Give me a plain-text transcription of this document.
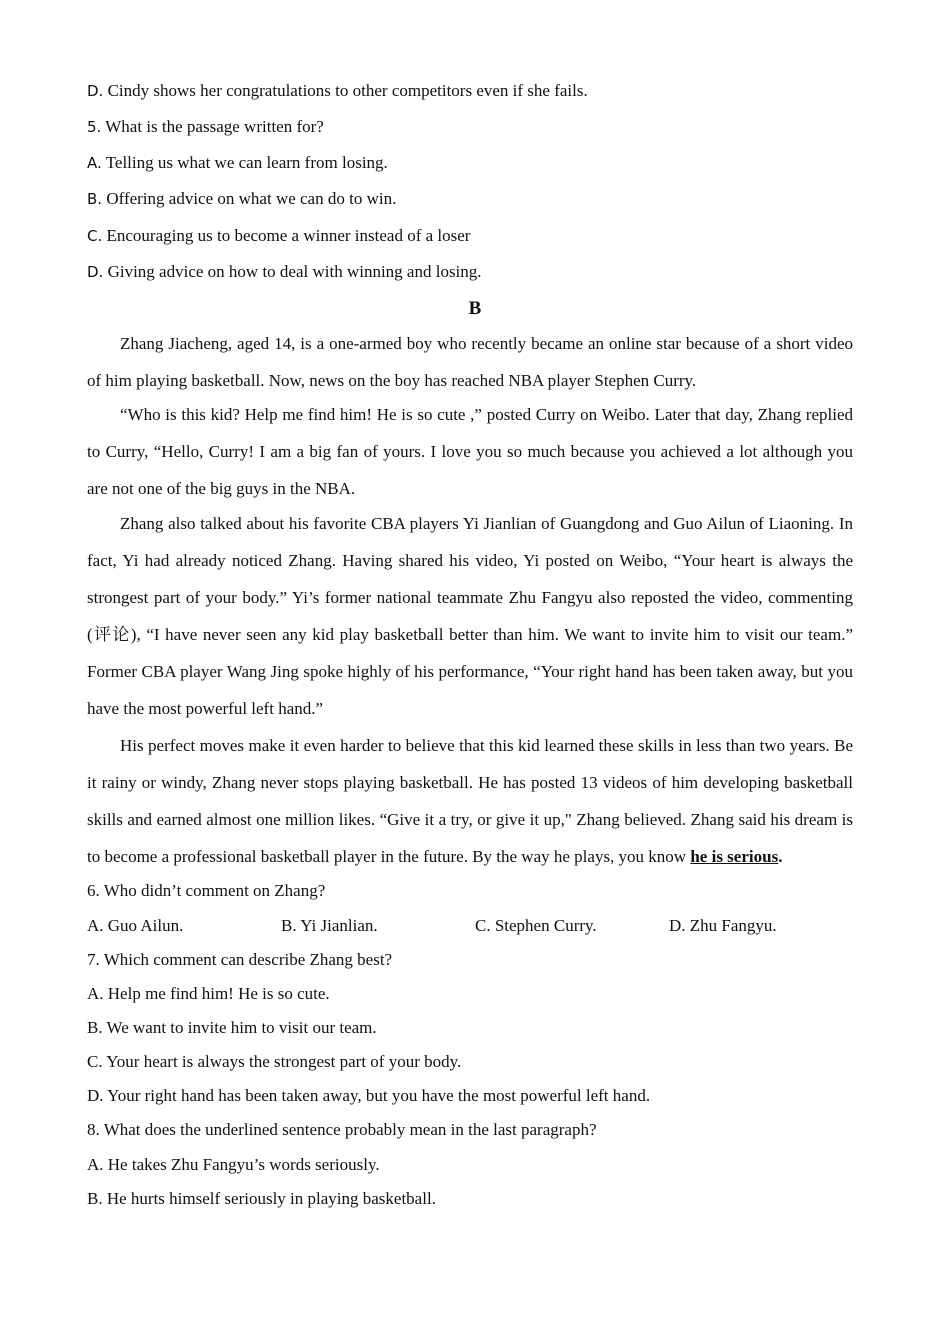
D. Cindy shows her congratulations to other competitors even if she fails.
5. What is the passage written for?
A. Telling us what we can learn from losing.
B. Offering advice on what we can do to win.
C. Encouraging us to become a winner instead of a loser
D. Giving advice on how to deal with winning and losing.
B

Zhang Jiacheng, aged 14, is a one-armed boy who recently became an online star because of a short video of him playing basketball. Now, news on the boy has reached NBA player Stephen Curry.

“Who is this kid? Help me find him! He is so cute ,” posted Curry on Weibo. Later that day, Zhang replied to Curry, “Hello, Curry! I am a big fan of yours. I love you so much because you achieved a lot although you are not one of the big guys in the NBA.

Zhang also talked about his favorite CBA players Yi Jianlian of Guangdong and Guo Ailun of Liaoning. In fact, Yi had already noticed Zhang. Having shared his video, Yi posted on Weibo, “Your heart is always the strongest part of your body.” Yi’s former national teammate Zhu Fangyu also reposted the video, commenting (评论), “I have never seen any kid play basketball better than him. We want to invite him to visit our team.” Former CBA player Wang Jing spoke highly of his performance, “Your right hand has been taken away, but you have the most powerful left hand.”

His perfect moves make it even harder to believe that this kid learned these skills in less than two years. Be it rainy or windy, Zhang never stops playing basketball. He has posted 13 videos of him developing basketball skills and earned almost one million likes. “Give it a try, or give it up," Zhang believed. Zhang said his dream is to become a professional basketball player in the future. By the way he plays, you know he is serious.

6. Who didn’t comment on Zhang?
A. Guo Ailun.	B. Yi Jianlian.	C. Stephen Curry.	D. Zhu Fangyu.
7. Which comment can describe Zhang best?
A. Help me find him! He is so cute.
B. We want to invite him to visit our team.
C. Your heart is always the strongest part of your body.
D. Your right hand has been taken away, but you have the most powerful left hand.
8. What does the underlined sentence probably mean in the last paragraph?
A. He takes Zhu Fangyu’s words seriously.
B. He hurts himself seriously in playing basketball.
